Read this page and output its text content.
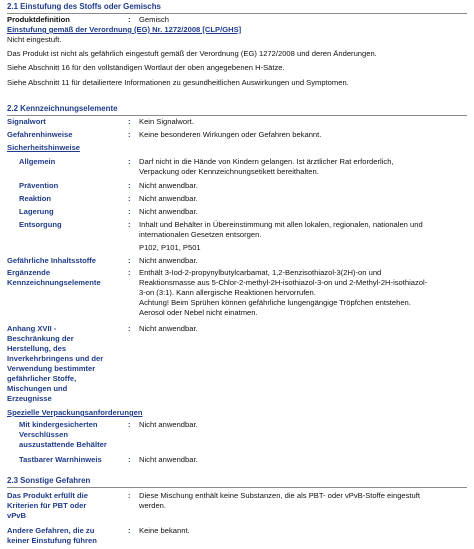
2.1 Einstufung des Stoffs oder Gemischs
Produktdefinition	: Gemisch
Einstufung gemäß der Verordnung (EG) Nr. 1272/2008 [CLP/GHS]
Nicht eingestuft.
Das Produkt ist nicht als gefährlich eingestuft gemäß der Verordnung (EG) 1272/2008 und deren Änderungen.
Siehe Abschnitt 16 für den vollständigen Wortlaut der oben angegebenen H-Sätze.
Siehe Abschnitt 11 für detailiertere Informationen zu gesundheitlichen Auswirkungen und Symptomen.
2.2 Kennzeichnungselemente
Signalwort	: Kein Signalwort.
Gefahrenhinweise	: Keine besonderen Wirkungen oder Gefahren bekannt.
Sicherheitshinweise
Allgemein	: Darf nicht in die Hände von Kindern gelangen. Ist ärztlicher Rat erforderlich,
Verpackung oder Kennzeichnungsetikett bereithalten.
Prävention	: Nicht anwendbar.
Reaktion	: Nicht anwendbar.
Lagerung	: Nicht anwendbar.
Entsorgung	: Inhalt und Behälter in Übereinstimmung mit allen lokalen, regionalen, nationalen und
internationalen Gesetzen entsorgen.
P102, P101, P501
Gefährliche Inhaltsstoffe	: Nicht anwendbar.
Ergänzende
Kennzeichnungselemente
: Enthält 3-Iod-2-propynylbutylcarbamat, 1,2-Benzisothiazol-3(2H)-on und
Reaktionsmasse aus 5-Chlor-2-methyl-2H-isothiazol-3-on und 2-Methyl-2H-isothiazol-
3-on (3:1). Kann allergische Reaktionen hervorrufen.
Achtung! Beim Sprühen können gefährliche lungengängige Tröpfchen entstehen.
Aerosol oder Nebel nicht einatmen.
Anhang XVII -
Beschränkung der
Herstellung, des
Inverkehrbringens und der
Verwendung bestimmter
gefährlicher Stoffe,
Mischungen und
Erzeugnisse
: Nicht anwendbar.
Spezielle Verpackungsanforderungen
Mit kindergesicherten
Verschlüssen
auszustattende Behälter
: Nicht anwendbar.
Tastbarer Warnhinweis	: Nicht anwendbar.
2.3 Sonstige Gefahren
Das Produkt erfüllt die
Kriterien für PBT oder
vPvB
: Diese Mischung enthält keine Substanzen, die als PBT- oder vPvB-Stoffe eingestuft
werden.
Andere Gefahren, die zu
keiner Einstufung führen
: Keine bekannt.
